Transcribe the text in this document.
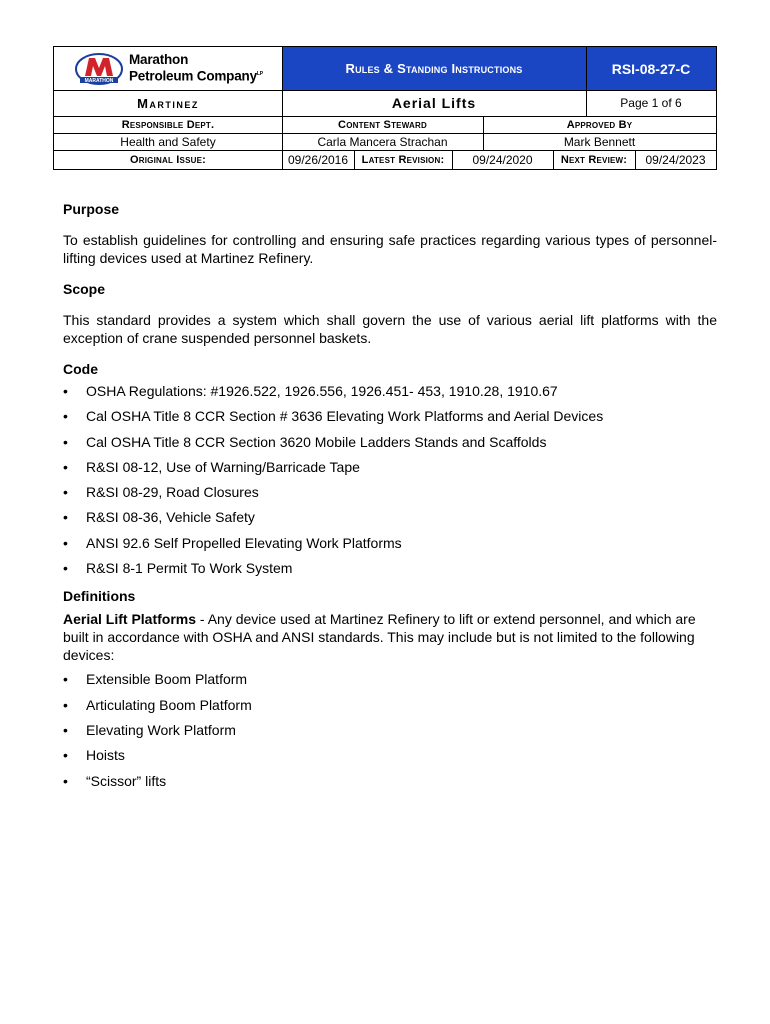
MARATHON
Marathon
Petroleum Company$^{LP}$	Rules & Standing Instructions	RSI-08-27-C
Martinez	Aerial Lifts	Page 1 of 6
Responsible Dept.	Content Steward	Approved By
Health and Safety	Carla Mancera Strachan	Mark Bennett
Original Issue:	09/26/2016	Latest Revision:	09/24/2020	Next Review:	09/24/2023
Purpose

To establish guidelines for controlling and ensuring safe practices regarding various types of personnel-lifting devices used at Martinez Refinery.

Scope

This standard provides a system which shall govern the use of various aerial lift platforms with the exception of crane suspended personnel baskets.

Code
• OSHA Regulations: #1926.522, 1926.556, 1926.451- 453, 1910.28, 1910.67
• Cal OSHA Title 8 CCR Section # 3636 Elevating Work Platforms and Aerial Devices
• Cal OSHA Title 8 CCR Section 3620 Mobile Ladders Stands and Scaffolds
• R&SI 08-12, Use of Warning/Barricade Tape
• R&SI 08-29, Road Closures
• R&SI 08-36, Vehicle Safety
• ANSI 92.6 Self Propelled Elevating Work Platforms
• R&SI 8-1 Permit To Work System
Definitions

Aerial Lift Platforms - Any device used at Martinez Refinery to lift or extend personnel, and which are built in accordance with OSHA and ANSI standards. This may include but is not limited to the following devices:

• Extensible Boom Platform
• Articulating Boom Platform
• Elevating Work Platform
• Hoists
• “Scissor” lifts
